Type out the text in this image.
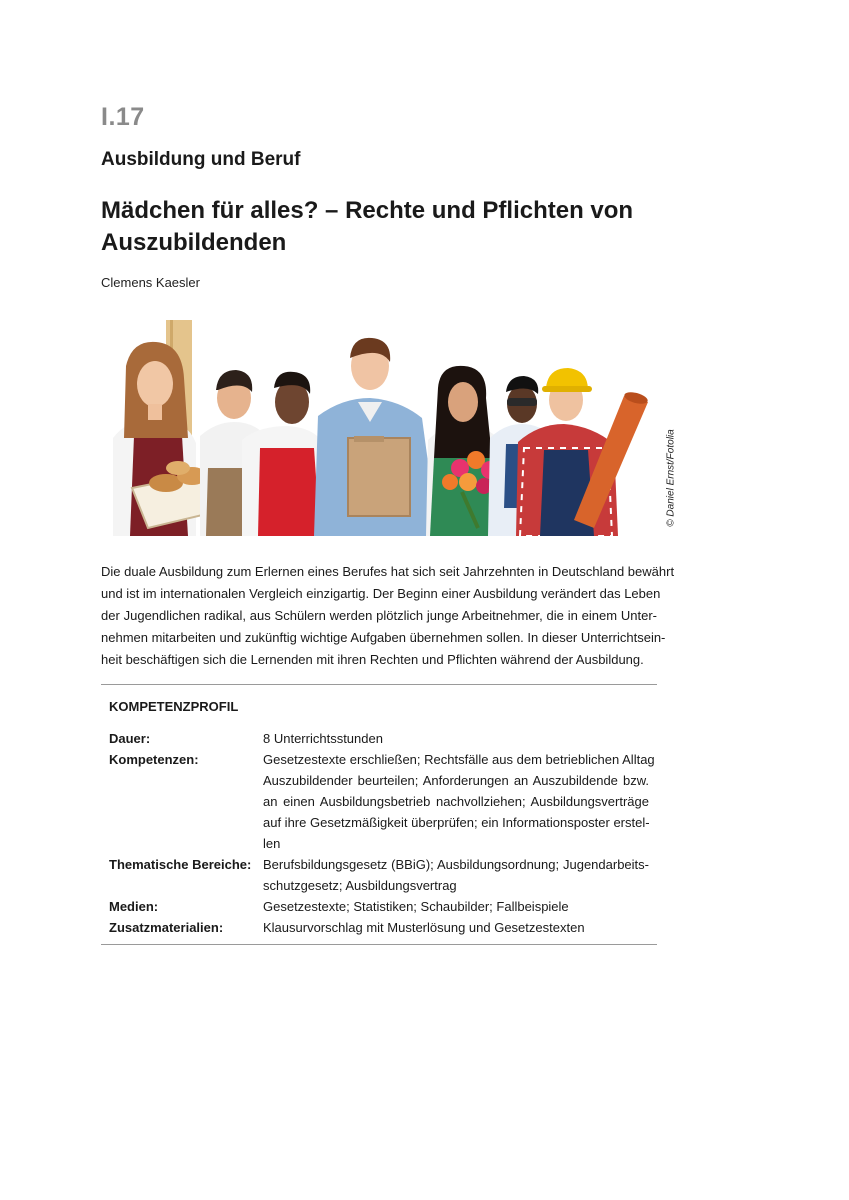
I.17
Ausbildung und Beruf
Mädchen für alles? – Rechte und Pflichten von
Auszubildenden
Clemens Kaesler
© Daniel Ernst/Fotolia

Die duale Ausbildung zum Erlernen eines Berufes hat sich seit Jahrzehnten in Deutschland bewährt
und ist im internationalen Vergleich einzigartig. Der Beginn einer Ausbildung verändert das Leben
der Jugendlichen radikal, aus Schülern werden plötzlich junge Arbeitnehmer, die in einem Unter-
nehmen mitarbeiten und zukünftig wichtige Aufgaben übernehmen sollen. In dieser Unterrichtsein-
heit beschäftigen sich die Lernenden mit ihren Rechten und Pflichten während der Ausbildung.

KOMPETENZPROFIL
Dauer:	8 Unterrichtsstunden
Kompetenzen:	Gesetzestexte erschließen; Rechtsfälle aus dem betrieblichen Alltag
Auszubildender beurteilen; Anforderungen an Auszubildende bzw.
an einen Ausbildungsbetrieb nachvollziehen; Ausbildungsverträge
auf ihre Gesetzmäßigkeit überprüfen; ein Informationsposter erstel-
len
Thematische Bereiche: Berufsbildungsgesetz (BBiG); Ausbildungsordnung; Jugendarbeits-
schutzgesetz; Ausbildungsvertrag
Medien:	Gesetzestexte; Statistiken; Schaubilder; Fallbeispiele
Zusatzmaterialien:	Klausurvorschlag mit Musterlösung und Gesetzestexten
